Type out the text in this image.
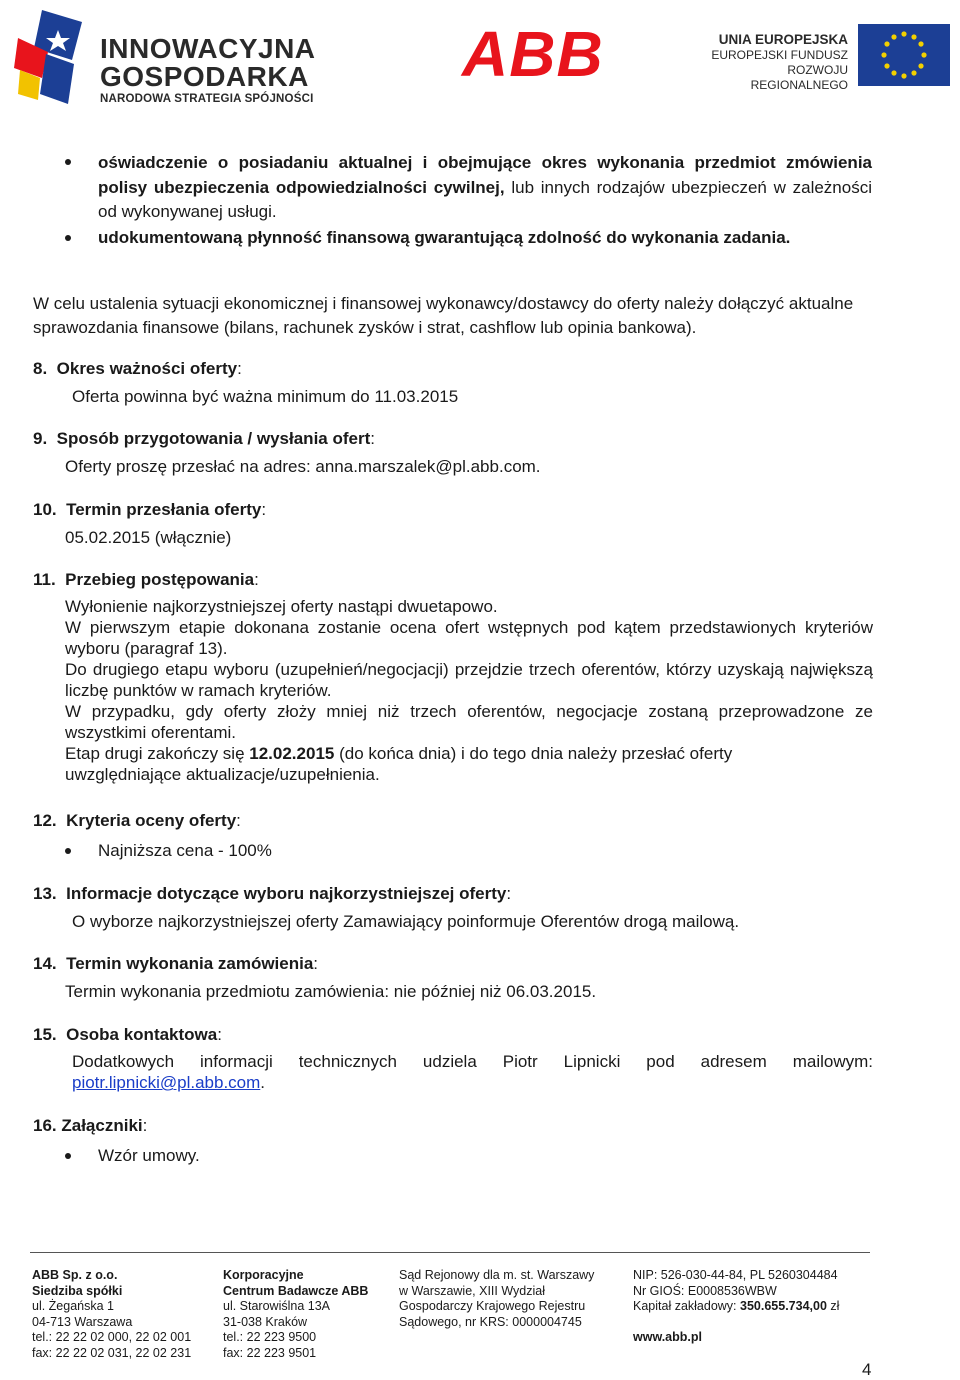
INNOWACYJNA
GOSPODARKA
NARODOWA STRATEGIA SPÓJNOŚCI
ABB	UNIA EUROPEJSKA
EUROPEJSKI FUNDUSZ
ROZWOJU REGIONALNEGO
oświadczenie o posiadaniu aktualnej i obejmujące okres wykonania przedmiot zmówienia polisy ubezpieczenia odpowiedzialności cywilnej, lub innych rodzajów ubezpieczeń w zależności od wykonywanej usługi.
udokumentowaną płynność finansową gwarantującą zdolność do wykonania zadania.
W celu ustalenia sytuacji ekonomicznej i finansowej wykonawcy/dostawcy do oferty należy dołączyć aktualne sprawozdania finansowe (bilans, rachunek zysków i strat, cashflow lub opinia bankowa).
8. Okres ważności oferty:
Oferta powinna być ważna minimum do 11.03.2015
9. Sposób przygotowania / wysłania ofert:
Oferty proszę przesłać na adres: anna.marszalek@pl.abb.com.
10. Termin przesłania oferty:
05.02.2015 (włącznie)
11. Przebieg postępowania:
Wyłonienie najkorzystniejszej oferty nastąpi dwuetapowo.
W pierwszym etapie dokonana zostanie ocena ofert wstępnych pod kątem przedstawionych kryteriów wyboru (paragraf 13).
Do drugiego etapu wyboru (uzupełnień/negocjacji) przejdzie trzech oferentów, którzy uzyskają największą liczbę punktów w ramach kryteriów.
W przypadku, gdy oferty złoży mniej niż trzech oferentów, negocjacje zostaną przeprowadzone ze wszystkimi oferentami.
Etap drugi zakończy się 12.02.2015 (do końca dnia) i do tego dnia należy przesłać oferty uwzględniające aktualizacje/uzupełnienia.
12. Kryteria oceny oferty:
Najniższa cena - 100%
13. Informacje dotyczące wyboru najkorzystniejszej oferty:
O wyborze najkorzystniejszej oferty Zamawiający poinformuje Oferentów drogą mailową.
14. Termin wykonania zamówienia:
Termin wykonania przedmiotu zamówienia: nie później niż 06.03.2015.
15. Osoba kontaktowa:
Dodatkowych informacji technicznych udziela Piotr Lipnicki pod adresem mailowym: piotr.lipnicki@pl.abb.com.
16. Załączniki:
Wzór umowy.
ABB Sp. z o.o.
Siedziba spółki
ul. Żegańska 1
04-713 Warszawa
tel.: 22 22 02 000, 22 02 001
fax: 22 22 02 031, 22 02 231
Korporacyjne
Centrum Badawcze ABB
ul. Starowiślna 13A
31-038 Kraków
tel.: 22 223 9500
fax: 22 223 9501
Sąd Rejonowy dla m. st. Warszawy
w Warszawie, XIII Wydział
Gospodarczy Krajowego Rejestru
Sądowego, nr KRS: 0000004745
NIP: 526-030-44-84, PL 5260304484
Nr GIOŚ: E0008536WBW
Kapitał zakładowy: 350.655.734,00 zł
www.abb.pl
4
